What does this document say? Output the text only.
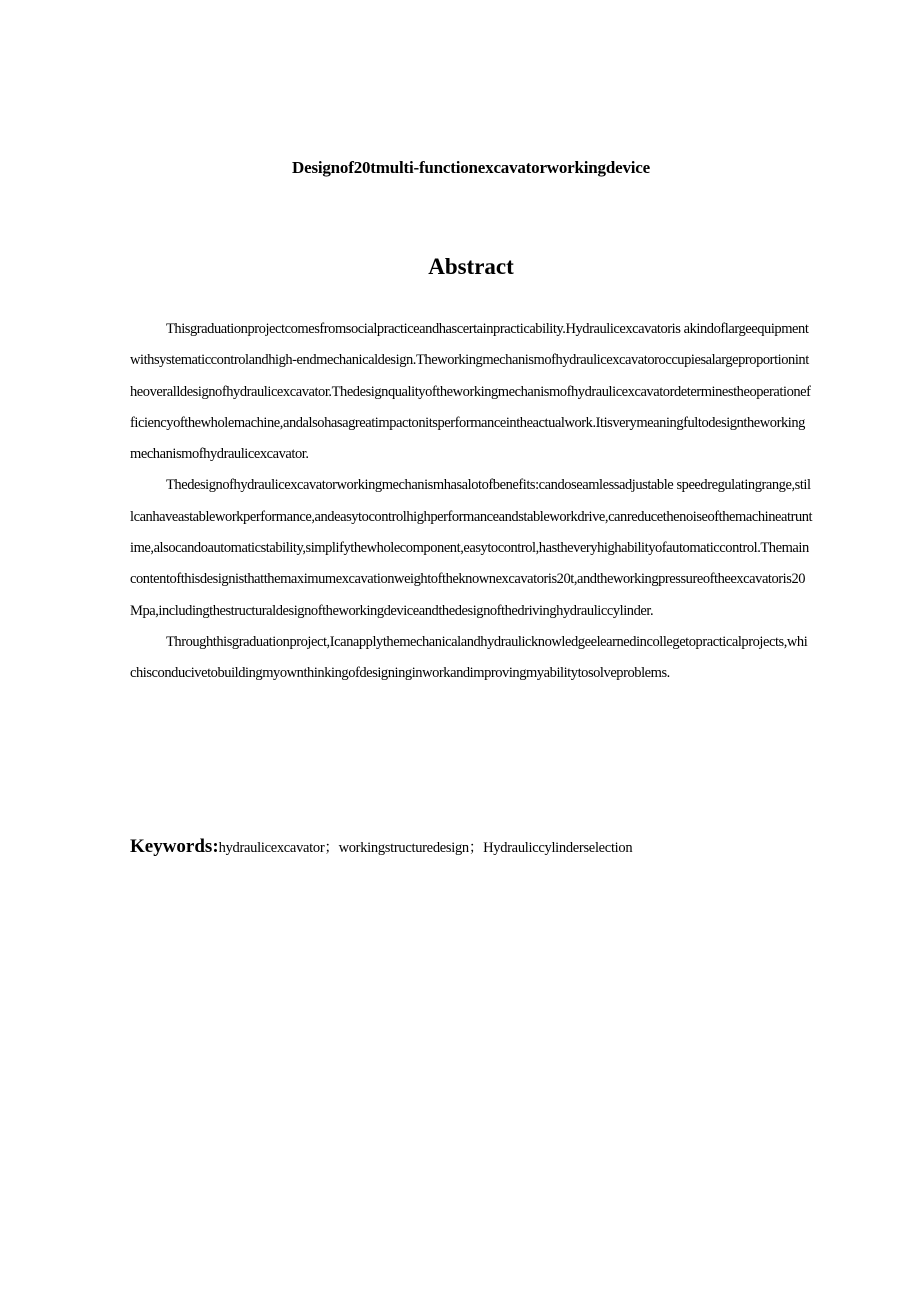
Designof20tmulti-functionexcavatorworkingdevice
Abstract

Thisgraduationprojectcomesfromsocialpracticeandhascertainpracticability.Hydraulicexcavatoris akindoflargeequipmentwithsystematiccontrolandhigh-endmechanicaldesign.Theworkingmechanismofhydraulicexcavatoroccupiesalargeproportionintheoveralldesignofhydraulicexcavator.Thedesignqualityoftheworkingmechanismofhydraulicexcavatordeterminestheoperationefficiencyofthewholemachine,andalsohasagreatimpactonitsperformanceintheactualwork.Itisverymeaningfultodesigntheworkingmechanismofhydraulicexcavator.

Thedesignofhydraulicexcavatorworkingmechanismhasalotofbenefits:candoseamlessadjustable speedregulatingrange,stillcanhaveastableworkperformance,andeasytocontrolhighperformanceandstableworkdrive,canreducethenoiseofthemachineatruntime,alsocandoautomaticstability,simplifythewholecomponent,easytocontrol,hastheveryhighabilityofautomaticcontrol.Themaincontentofthisdesignisthatthemaximumexcavationweightoftheknownexcavatoris20t,andtheworkingpressureoftheexcavatoris20Mpa,includingthestructuraldesignoftheworkingdeviceandthedesignofthedrivinghydrauliccylinder.

Throughthisgraduationproject,Icanapplythemechanicalandhydraulicknowledgeelearnedincollegetopracticalprojects,whichisconducivetobuildingmyownthinkingofdesigninginworkandimprovingmyabilitytosolveproblems.

Keywords:hydraulicexcavator；workingstructuredesign；Hydrauliccylinderselection
